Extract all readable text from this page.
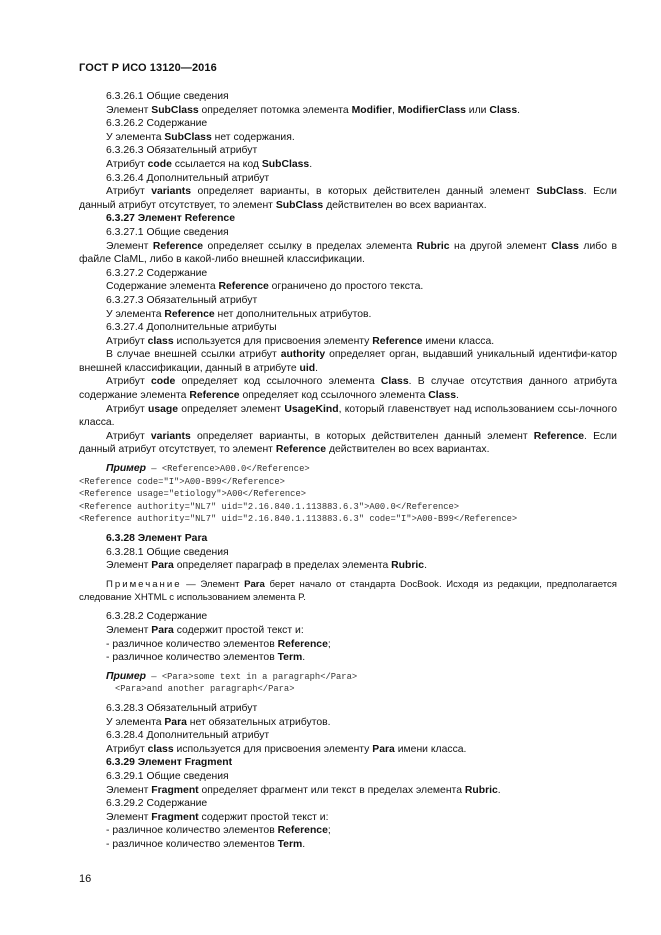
ГОСТ Р ИСО 13120—2016
6.3.26.1 Общие сведения
Элемент SubClass определяет потомка элемента Modifier, ModifierClass или Class.
6.3.26.2 Содержание
У элемента SubClass нет содержания.
6.3.26.3 Обязательный атрибут
Атрибут code ссылается на код SubClass.
6.3.26.4 Дополнительный атрибут
Атрибут variants определяет варианты, в которых действителен данный элемент SubClass. Если данный атрибут отсутствует, то элемент SubClass действителен во всех вариантах.
6.3.27 Элемент Reference
6.3.27.1 Общие сведения
Элемент Reference определяет ссылку в пределах элемента Rubric на другой элемент Class либо в файле ClaML, либо в какой-либо внешней классификации.
6.3.27.2 Содержание
Содержание элемента Reference ограничено до простого текста.
6.3.27.3 Обязательный атрибут
У элемента Reference нет дополнительных атрибутов.
6.3.27.4 Дополнительные атрибуты
Атрибут class используется для присвоения элементу Reference имени класса.
В случае внешней ссылки атрибут authority определяет орган, выдавший уникальный идентифи-катор внешней классификации, данный в атрибуте uid.
Атрибут code определяет код ссылочного элемента Class. В случае отсутствия данного атрибута содержание элемента Reference определяет код ссылочного элемента Class.
Атрибут usage определяет элемент UsageKind, который главенствует над использованием ссы-лочного класса.
Атрибут variants определяет варианты, в которых действителен данный элемент Reference. Если данный атрибут отсутствует, то элемент Reference действителен во всех вариантах.
Пример — <Reference>A00.0</Reference>
<Reference code="I">A00-B99</Reference>
<Reference usage="etiology">A00</Reference>
<Reference authority="NL7" uid="2.16.840.1.113883.6.3">A00.0</Reference>
<Reference authority="NL7" uid="2.16.840.1.113883.6.3" code="I">A00-B99</Reference>
6.3.28 Элемент Para
6.3.28.1 Общие сведения
Элемент Para определяет параграф в пределах элемента Rubric.
Примечание — Элемент Para берет начало от стандарта DocBook. Исходя из редакции, предполагается следование XHTML с использованием элемента P.
6.3.28.2 Содержание
Элемент Para содержит простой текст и:
- различное количество элементов Reference;
- различное количество элементов Term.
Пример — <Para>some text in a paragraph</Para>
<Para>and another paragraph</Para>
6.3.28.3 Обязательный атрибут
У элемента Para нет обязательных атрибутов.
6.3.28.4 Дополнительный атрибут
Атрибут class используется для присвоения элементу Para имени класса.
6.3.29 Элемент Fragment
6.3.29.1 Общие сведения
Элемент Fragment определяет фрагмент или текст в пределах элемента Rubric.
6.3.29.2 Содержание
Элемент Fragment содержит простой текст и:
- различное количество элементов Reference;
- различное количество элементов Term.
16
